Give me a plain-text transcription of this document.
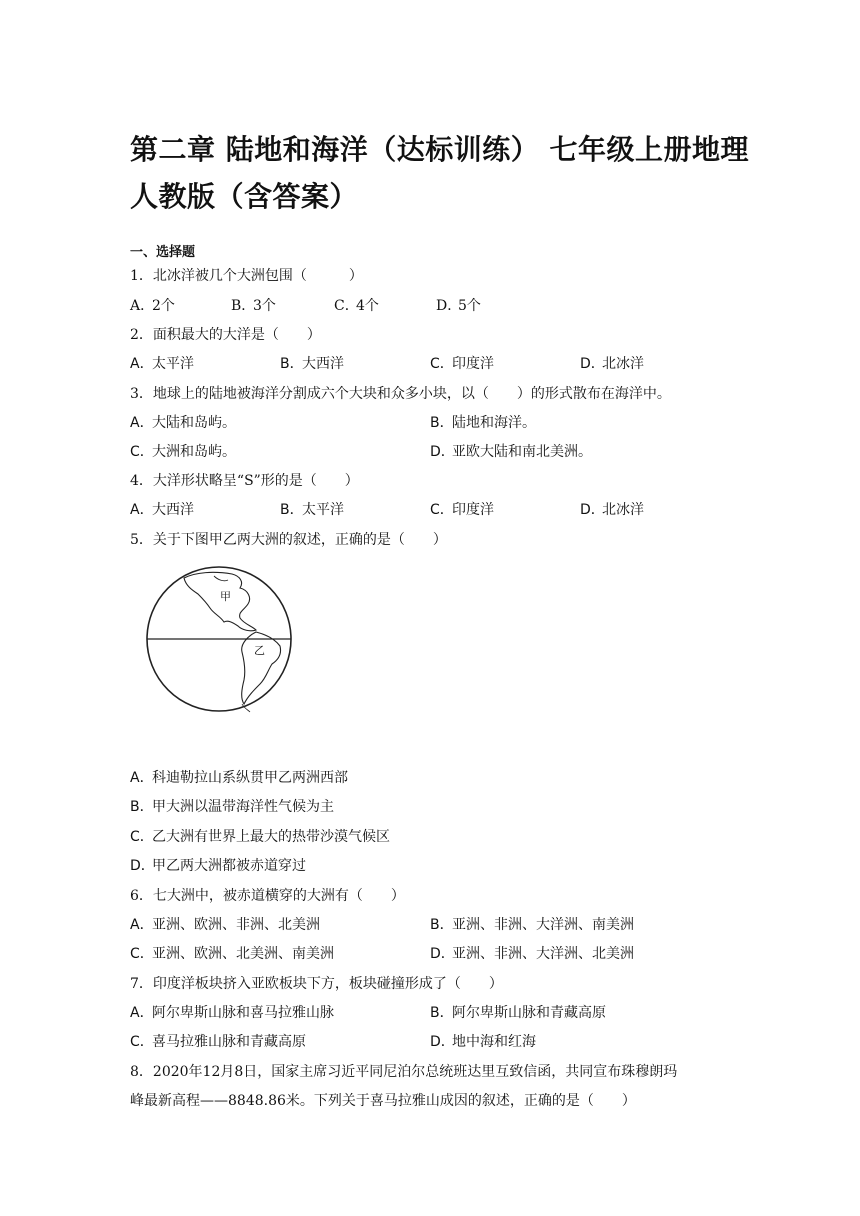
第二章 陆地和海洋（达标训练） 七年级上册地理人教版（含答案）
一、选择题
1．北冰洋被几个大洲包围（　　　）
A．2个	B．3个	C．4个	D．5个
2．面积最大的大洋是（　　）
A．太平洋	B．大西洋	C．印度洋	D．北冰洋
3．地球上的陆地被海洋分割成六个大块和众多小块，以（　　）的形式散布在海洋中。
A．大陆和岛屿。	B．陆地和海洋。
C．大洲和岛屿。	D．亚欧大陆和南北美洲。
4．大洋形状略呈“S”形的是（　　）
A．大西洋	B．太平洋	C．印度洋	D．北冰洋
5．关于下图甲乙两大洲的叙述，正确的是（　　）
甲
乙
A．科迪勒拉山系纵贯甲乙两洲西部
B．甲大洲以温带海洋性气候为主
C．乙大洲有世界上最大的热带沙漠气候区
D．甲乙两大洲都被赤道穿过
6．七大洲中，被赤道横穿的大洲有（　　）
A．亚洲、欧洲、非洲、北美洲	B．亚洲、非洲、大洋洲、南美洲
C．亚洲、欧洲、北美洲、南美洲	D．亚洲、非洲、大洋洲、北美洲
7．印度洋板块挤入亚欧板块下方，板块碰撞形成了（　　）
A．阿尔卑斯山脉和喜马拉雅山脉	B．阿尔卑斯山脉和青藏高原
C．喜马拉雅山脉和青藏高原	D．地中海和红海
8．2020年12月8日，国家主席习近平同尼泊尔总统班达里互致信函，共同宣布珠穆朗玛
峰最新高程——8848.86米。下列关于喜马拉雅山成因的叙述，正确的是（　　）
